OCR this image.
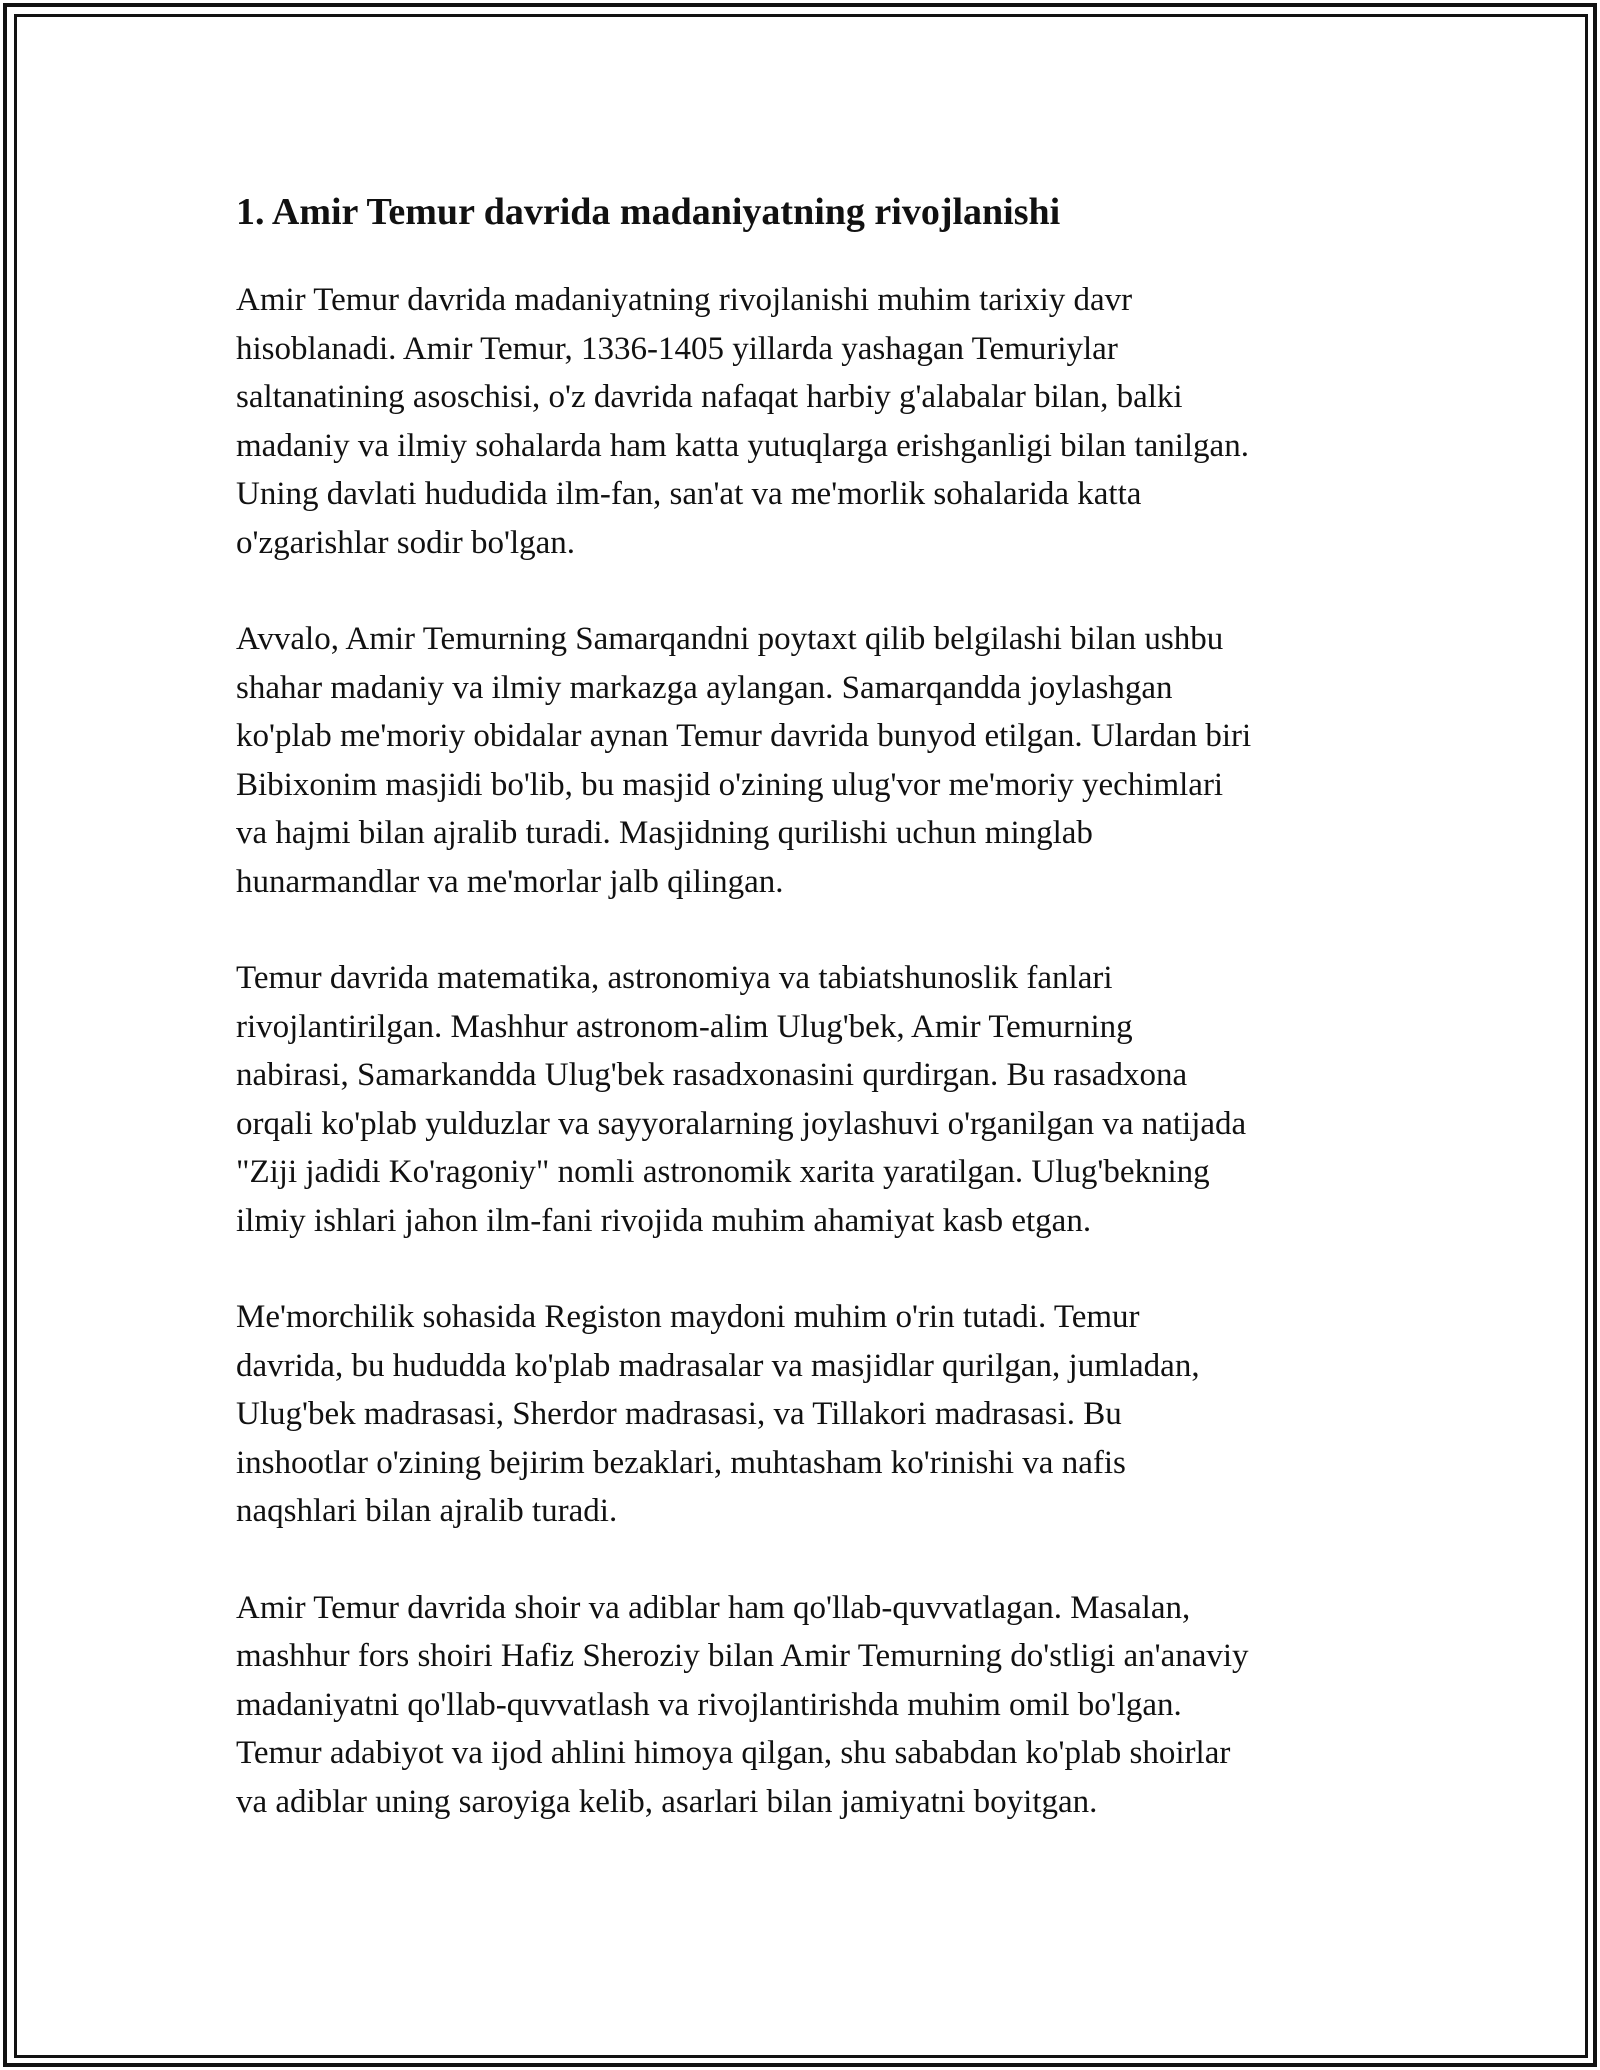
1. Amir Temur davrida madaniyatning rivojlanishi

Amir Temur davrida madaniyatning rivojlanishi muhim tarixiy davr
hisoblanadi. Amir Temur, 1336-1405 yillarda yashagan Temuriylar
saltanatining asoschisi, o'z davrida nafaqat harbiy g'alabalar bilan, balki
madaniy va ilmiy sohalarda ham katta yutuqlarga erishganligi bilan tanilgan.
Uning davlati hududida ilm-fan, san'at va me'morlik sohalarida katta
o'zgarishlar sodir bo'lgan.

Avvalo, Amir Temurning Samarqandni poytaxt qilib belgilashi bilan ushbu
shahar madaniy va ilmiy markazga aylangan. Samarqandda joylashgan
ko'plab me'moriy obidalar aynan Temur davrida bunyod etilgan. Ulardan biri
Bibixonim masjidi bo'lib, bu masjid o'zining ulug'vor me'moriy yechimlari
va hajmi bilan ajralib turadi. Masjidning qurilishi uchun minglab
hunarmandlar va me'morlar jalb qilingan.

Temur davrida matematika, astronomiya va tabiatshunoslik fanlari
rivojlantirilgan. Mashhur astronom-alim Ulug'bek, Amir Temurning
nabirasi, Samarkandda Ulug'bek rasadxonasini qurdirgan. Bu rasadxona
orqali ko'plab yulduzlar va sayyoralarning joylashuvi o'rganilgan va natijada
"Ziji jadidi Ko'ragoniy" nomli astronomik xarita yaratilgan. Ulug'bekning
ilmiy ishlari jahon ilm-fani rivojida muhim ahamiyat kasb etgan.

Me'morchilik sohasida Registon maydoni muhim o'rin tutadi. Temur
davrida, bu hududda ko'plab madrasalar va masjidlar qurilgan, jumladan,
Ulug'bek madrasasi, Sherdor madrasasi, va Tillakori madrasasi. Bu
inshootlar o'zining bejirim bezaklari, muhtasham ko'rinishi va nafis
naqshlari bilan ajralib turadi.

Amir Temur davrida shoir va adiblar ham qo'llab-quvvatlagan. Masalan,
mashhur fors shoiri Hafiz Sheroziy bilan Amir Temurning do'stligi an'anaviy
madaniyatni qo'llab-quvvatlash va rivojlantirishda muhim omil bo'lgan.
Temur adabiyot va ijod ahlini himoya qilgan, shu sababdan ko'plab shoirlar
va adiblar uning saroyiga kelib, asarlari bilan jamiyatni boyitgan.
